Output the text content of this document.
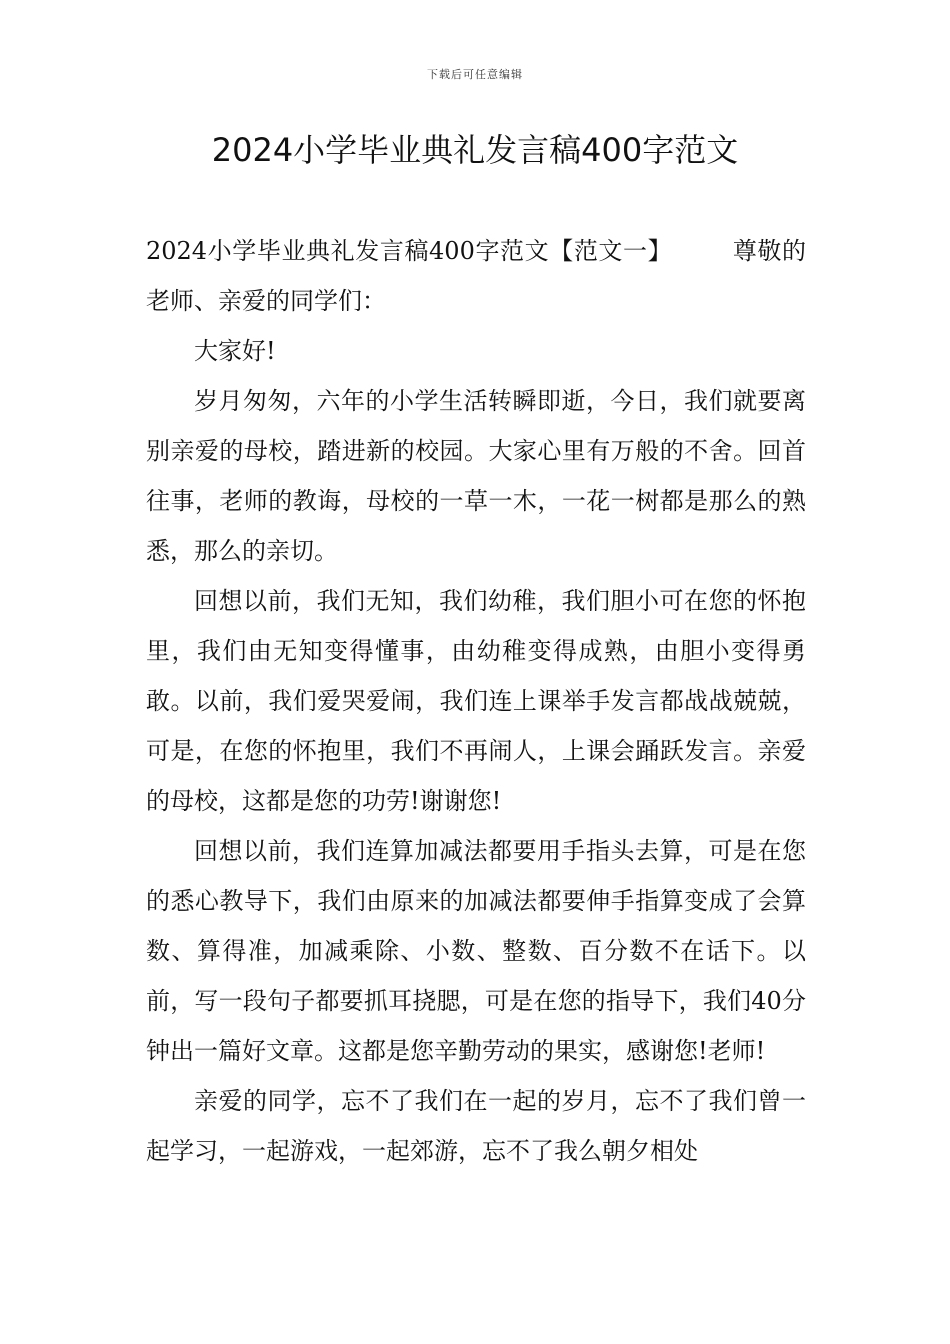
下载后可任意编辑
2024小学毕业典礼发言稿400字范文

2024小学毕业典礼发言稿400字范文【范文一】	尊敬的老师、亲爱的同学们：

大家好!

岁月匆匆，六年的小学生活转瞬即逝，今日，我们就要离别亲爱的母校，踏进新的校园。大家心里有万般的不舍。回首往事，老师的教诲，母校的一草一木，一花一树都是那么的熟悉，那么的亲切。

回想以前，我们无知，我们幼稚，我们胆小可在您的怀抱里，我们由无知变得懂事，由幼稚变得成熟，由胆小变得勇敢。以前，我们爱哭爱闹，我们连上课举手发言都战战兢兢，可是，在您的怀抱里，我们不再闹人，上课会踊跃发言。亲爱的母校，这都是您的功劳!谢谢您!

回想以前，我们连算加减法都要用手指头去算，可是在您的悉心教导下，我们由原来的加减法都要伸手指算变成了会算数、算得准，加减乘除、小数、整数、百分数不在话下。以前，写一段句子都要抓耳挠腮，可是在您的指导下，我们40分钟出一篇好文章。这都是您辛勤劳动的果实，感谢您!老师!

亲爱的同学，忘不了我们在一起的岁月，忘不了我们曾一起学习，一起游戏，一起郊游，忘不了我么朝夕相处
